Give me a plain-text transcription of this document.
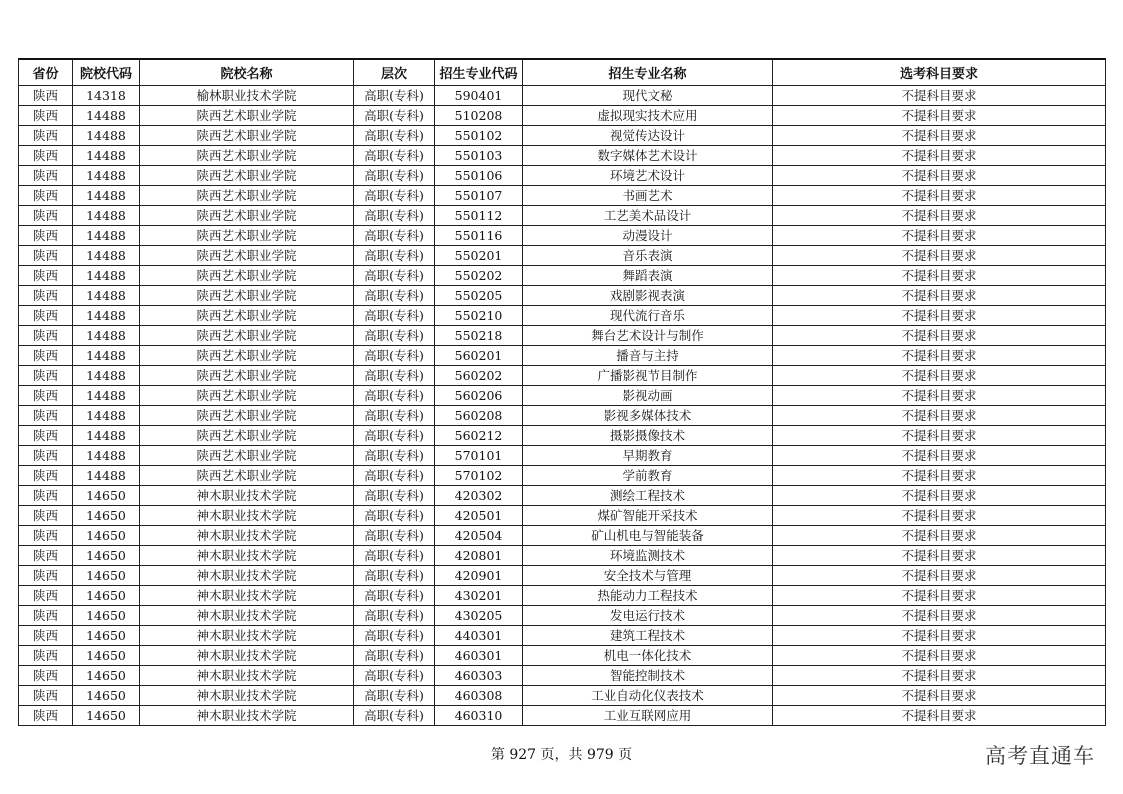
省份	院校代码	院校名称	层次	招生专业代码	招生专业名称	选考科目要求
陕西	14318	榆林职业技术学院	高职(专科)	590401	现代文秘	不提科目要求
陕西	14488	陕西艺术职业学院	高职(专科)	510208	虚拟现实技术应用	不提科目要求
陕西	14488	陕西艺术职业学院	高职(专科)	550102	视觉传达设计	不提科目要求
陕西	14488	陕西艺术职业学院	高职(专科)	550103	数字媒体艺术设计	不提科目要求
陕西	14488	陕西艺术职业学院	高职(专科)	550106	环境艺术设计	不提科目要求
陕西	14488	陕西艺术职业学院	高职(专科)	550107	书画艺术	不提科目要求
陕西	14488	陕西艺术职业学院	高职(专科)	550112	工艺美术品设计	不提科目要求
陕西	14488	陕西艺术职业学院	高职(专科)	550116	动漫设计	不提科目要求
陕西	14488	陕西艺术职业学院	高职(专科)	550201	音乐表演	不提科目要求
陕西	14488	陕西艺术职业学院	高职(专科)	550202	舞蹈表演	不提科目要求
陕西	14488	陕西艺术职业学院	高职(专科)	550205	戏剧影视表演	不提科目要求
陕西	14488	陕西艺术职业学院	高职(专科)	550210	现代流行音乐	不提科目要求
陕西	14488	陕西艺术职业学院	高职(专科)	550218	舞台艺术设计与制作	不提科目要求
陕西	14488	陕西艺术职业学院	高职(专科)	560201	播音与主持	不提科目要求
陕西	14488	陕西艺术职业学院	高职(专科)	560202	广播影视节目制作	不提科目要求
陕西	14488	陕西艺术职业学院	高职(专科)	560206	影视动画	不提科目要求
陕西	14488	陕西艺术职业学院	高职(专科)	560208	影视多媒体技术	不提科目要求
陕西	14488	陕西艺术职业学院	高职(专科)	560212	摄影摄像技术	不提科目要求
陕西	14488	陕西艺术职业学院	高职(专科)	570101	早期教育	不提科目要求
陕西	14488	陕西艺术职业学院	高职(专科)	570102	学前教育	不提科目要求
陕西	14650	神木职业技术学院	高职(专科)	420302	测绘工程技术	不提科目要求
陕西	14650	神木职业技术学院	高职(专科)	420501	煤矿智能开采技术	不提科目要求
陕西	14650	神木职业技术学院	高职(专科)	420504	矿山机电与智能装备	不提科目要求
陕西	14650	神木职业技术学院	高职(专科)	420801	环境监测技术	不提科目要求
陕西	14650	神木职业技术学院	高职(专科)	420901	安全技术与管理	不提科目要求
陕西	14650	神木职业技术学院	高职(专科)	430201	热能动力工程技术	不提科目要求
陕西	14650	神木职业技术学院	高职(专科)	430205	发电运行技术	不提科目要求
陕西	14650	神木职业技术学院	高职(专科)	440301	建筑工程技术	不提科目要求
陕西	14650	神木职业技术学院	高职(专科)	460301	机电一体化技术	不提科目要求
陕西	14650	神木职业技术学院	高职(专科)	460303	智能控制技术	不提科目要求
陕西	14650	神木职业技术学院	高职(专科)	460308	工业自动化仪表技术	不提科目要求
陕西	14650	神木职业技术学院	高职(专科)	460310	工业互联网应用	不提科目要求
第 927 页，共 979 页	高考直通车
